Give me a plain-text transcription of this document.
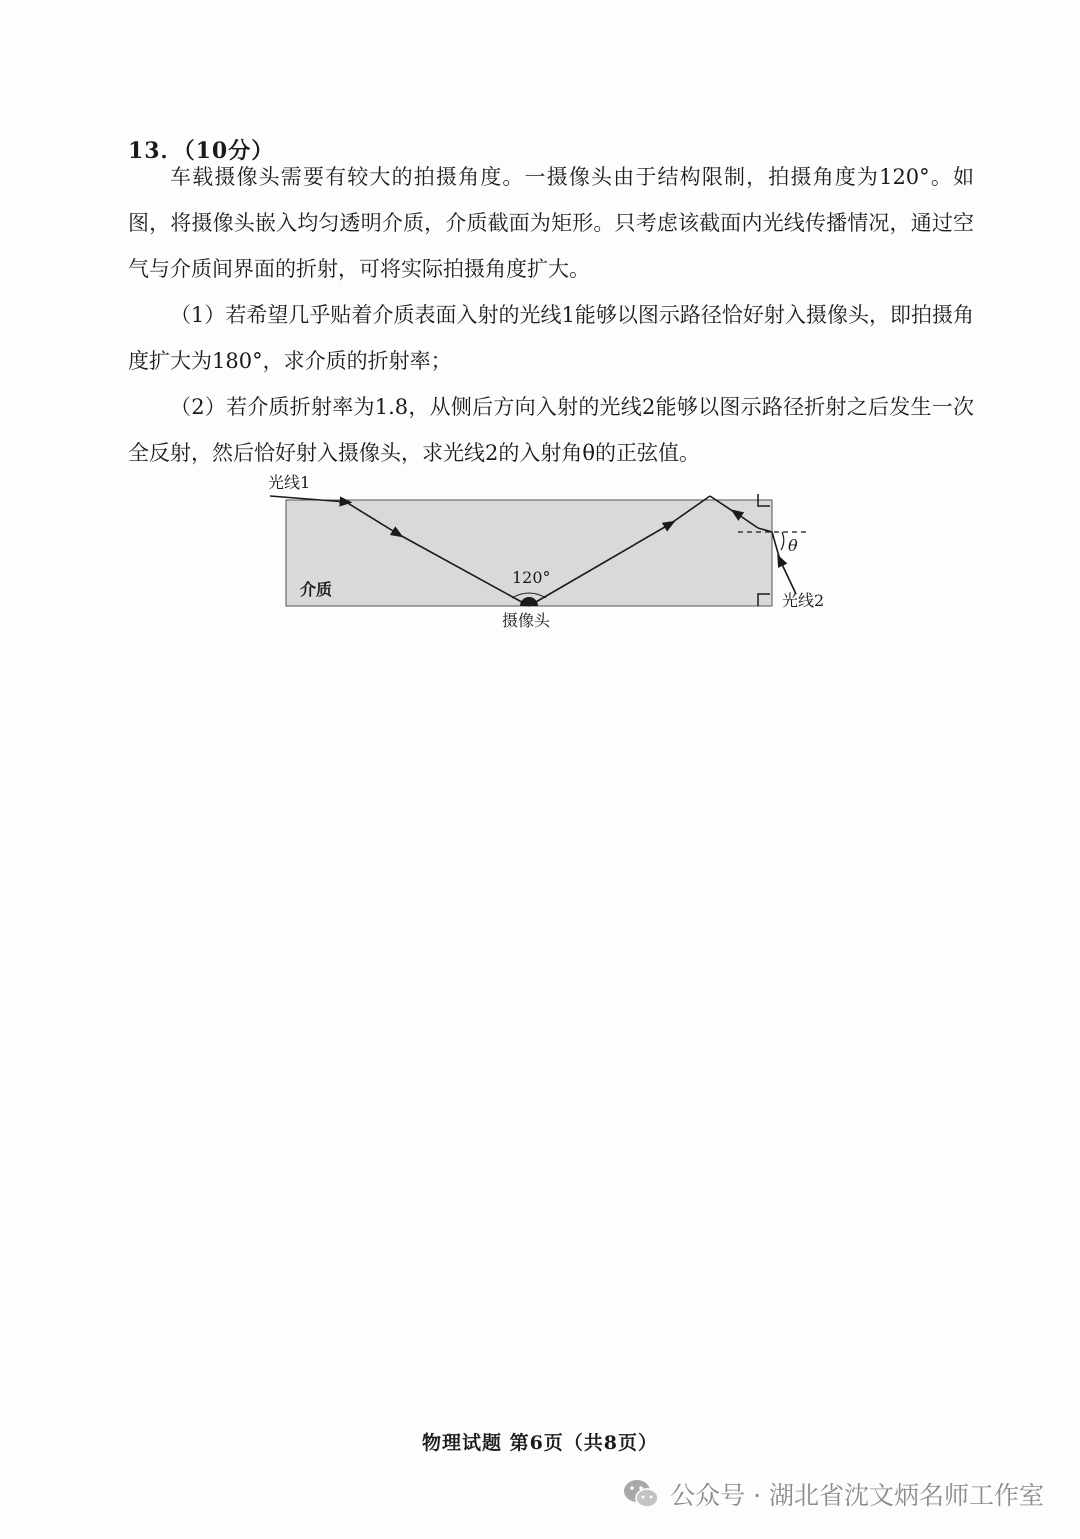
13．（10分）
车载摄像头需要有较大的拍摄角度。一摄像头由于结构限制，拍摄角度为120°。如图，将摄像头嵌入均匀透明介质，介质截面为矩形。只考虑该截面内光线传播情况，通过空气与介质间界面的折射，可将实际拍摄角度扩大。
（1）若希望几乎贴着介质表面入射的光线1能够以图示路径恰好射入摄像头，即拍摄角度扩大为180°，求介质的折射率；
（2）若介质折射率为1.8，从侧后方向入射的光线2能够以图示路径折射之后发生一次全反射，然后恰好射入摄像头，求光线2的入射角θ的正弦值。
光线1
光线2
介质
摄像头
120°
θ
物理试题 第6页（共8页）
公众号 · 湖北省沈文炳名师工作室
